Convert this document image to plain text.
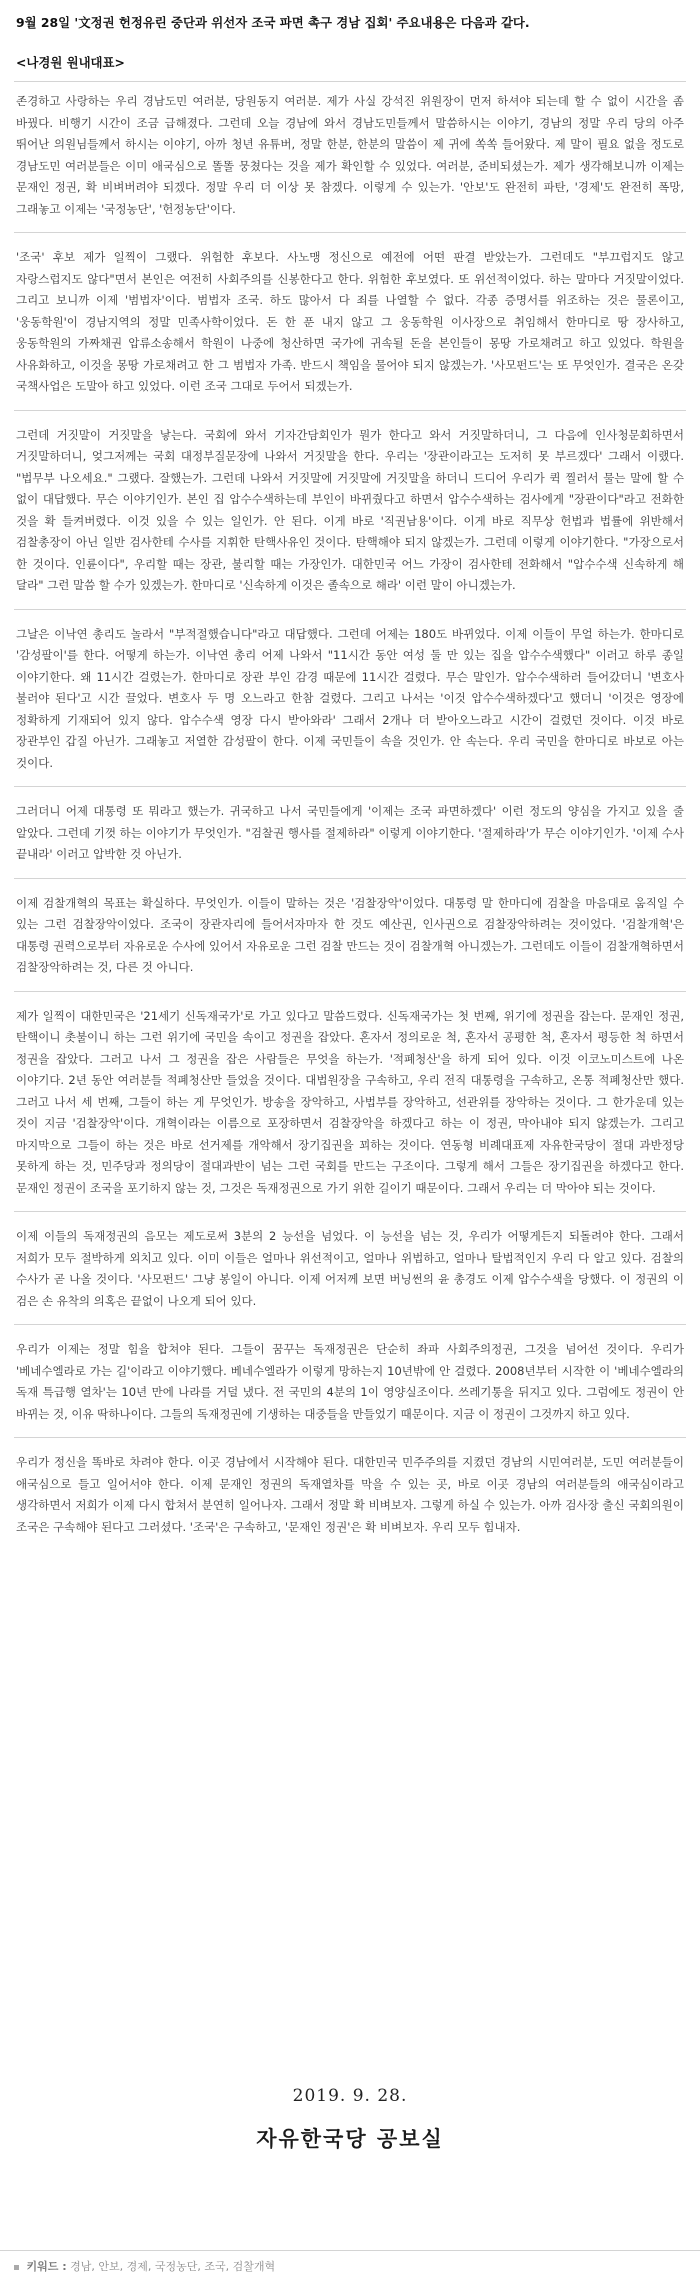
9월 28일 '文정권 헌정유린 중단과 위선자 조국 파면 촉구 경남 집회' 주요내용은 다음과 같다.
<나경원 원내대표>

존경하고 사랑하는 우리 경남도민 여러분, 당원동지 여러분. 제가 사실 강석진 위원장이 먼저 하셔야 되는데 할 수 없이 시간을 좀 바꿨다. 비행기 시간이 조금 급해졌다. 그런데 오늘 경남에 와서 경남도민들께서 말씀하시는 이야기, 경남의 정말 우리 당의 아주 뛰어난 의원님들께서 하시는 이야기, 아까 청년 유튜버, 정말 한분, 한분의 말씀이 제 귀에 쏙쏙 들어왔다. 제 말이 필요 없을 정도로 경남도민 여러분들은 이미 애국심으로 똘똘 뭉쳤다는 것을 제가 확인할 수 있었다. 여러분, 준비되셨는가. 제가 생각해보니까 이제는 문재인 정권, 확 비벼버려야 되겠다. 정말 우리 더 이상 못 참겠다. 이렇게 수 있는가. '안보'도 완전히 파탄, '경제'도 완전히 폭망, 그래놓고 이제는 '국정농단', '헌정농단'이다.

'조국' 후보 제가 일찍이 그랬다. 위험한 후보다. 사노맹 정신으로 예전에 어떤 판결 받았는가. 그런데도 "부끄럽지도 않고 자랑스럽지도 않다"면서 본인은 여전히 사회주의를 신봉한다고 한다. 위험한 후보였다. 또 위선적이었다. 하는 말마다 거짓말이었다. 그리고 보니까 이제 '범법자'이다. 범법자 조국. 하도 많아서 다 죄를 나열할 수 없다. 각종 증명서를 위조하는 것은 물론이고, '웅동학원'이 경남지역의 정말 민족사학이었다. 돈 한 푼 내지 않고 그 웅동학원 이사장으로 취임해서 한마디로 땅 장사하고, 웅동학원의 가짜채권 압류소송해서 학원이 나중에 청산하면 국가에 귀속될 돈을 본인들이 몽땅 가로채려고 하고 있었다. 학원을 사유화하고, 이것을 몽땅 가로채려고 한 그 범법자 가족. 반드시 책임을 물어야 되지 않겠는가. '사모펀드'는 또 무엇인가. 결국은 온갖 국책사업은 도말아 하고 있었다. 이런 조국 그대로 두어서 되겠는가.

그런데 거짓말이 거짓말을 낳는다. 국회에 와서 기자간담회인가 뭔가 한다고 와서 거짓말하더니, 그 다음에 인사청문회하면서 거짓말하더니, 엊그저께는 국회 대정부질문장에 나와서 거짓말을 한다. 우리는 '장관이라고는 도저히 못 부르겠다' 그래서 이랬다. "법무부 나오세요." 그랬다. 잘했는가. 그런데 나와서 거짓말에 거짓말에 거짓말을 하더니 드디어 우리가 퀵 찔러서 물는 말에 할 수 없이 대답했다. 무슨 이야기인가. 본인 집 압수수색하는데 부인이 바뀌줬다고 하면서 압수수색하는 검사에게 "장관이다"라고 전화한 것을 확 들켜버렸다. 이것 있을 수 있는 일인가. 안 된다. 이게 바로 '직권남용'이다. 이게 바로 직무상 헌법과 법률에 위반해서 검찰총장이 아닌 일반 검사한테 수사를 지휘한 탄핵사유인 것이다. 탄핵해야 되지 않겠는가. 그런데 이렇게 이야기한다. "가장으로서 한 것이다. 인륜이다", 우리할 때는 장관, 불리할 때는 가장인가. 대한민국 어느 가장이 검사한테 전화해서 "압수수색 신속하게 해 달라" 그런 말씀 할 수가 있겠는가. 한마디로 '신속하게 이것은 졸속으로 해라' 이런 말이 아니겠는가.

그날은 이낙연 총리도 놀라서 "부적절했습니다"라고 대답했다. 그런데 어제는 180도 바뀌었다. 이제 이들이 무얼 하는가. 한마디로 '감성팔이'를 한다. 어떻게 하는가. 이낙연 총리 어제 나와서 "11시간 동안 여성 둘 만 있는 집을 압수수색했다" 이러고 하루 종일 이야기한다. 왜 11시간 걸렸는가. 한마디로 장관 부인 감경 때문에 11시간 걸렸다. 무슨 말인가. 압수수색하러 들어갔더니 '변호사 불러야 된다'고 시간 끌었다. 변호사 두 명 오느라고 한참 걸렸다. 그리고 나서는 '이것 압수수색하겠다'고 했더니 '이것은 영장에 정확하게 기재되어 있지 않다. 압수수색 영장 다시 받아와라' 그래서 2개나 더 받아오느라고 시간이 걸렸던 것이다. 이것 바로 장관부인 갑질 아닌가. 그래놓고 저열한 감성팔이 한다. 이제 국민들이 속을 것인가. 안 속는다. 우리 국민을 한마디로 바보로 아는 것이다.

그러더니 어제 대통령 또 뭐라고 했는가. 귀국하고 나서 국민들에게 '이제는 조국 파면하겠다' 이런 정도의 양심을 가지고 있을 줄 알았다. 그런데 기껏 하는 이야기가 무엇인가. "검찰권 행사를 절제하라" 이렇게 이야기한다. '절제하라'가 무슨 이야기인가. '이제 수사 끝내라' 이러고 압박한 것 아닌가.

이제 검찰개혁의 목표는 확실하다. 무엇인가. 이들이 말하는 것은 '검찰장악'이었다. 대통령 말 한마디에 검찰을 마음대로 움직일 수 있는 그런 검찰장악이었다. 조국이 장관자리에 들어서자마자 한 것도 예산권, 인사권으로 검찰장악하려는 것이었다. '검찰개혁'은 대통령 권력으로부터 자유로운 수사에 있어서 자유로운 그런 검찰 만드는 것이 검찰개혁 아니겠는가. 그런데도 이들이 검찰개혁하면서 검찰장악하려는 것, 다른 것 아니다.

제가 일찍이 대한민국은 '21세기 신독재국가'로 가고 있다고 말씀드렸다. 신독재국가는 첫 번째, 위기에 정권을 잡는다. 문재인 정권, 탄핵이니 촛불이니 하는 그런 위기에 국민을 속이고 정권을 잡았다. 혼자서 정의로운 척, 혼자서 공평한 척, 혼자서 평등한 척 하면서 정권을 잡았다. 그러고 나서 그 정권을 잡은 사람들은 무엇을 하는가. '적폐청산'을 하게 되어 있다. 이것 이코노미스트에 나온 이야기다. 2년 동안 여러분들 적폐청산만 들었을 것이다. 대법원장을 구속하고, 우리 전직 대통령을 구속하고, 온통 적폐청산만 했다. 그러고 나서 세 번째, 그들이 하는 게 무엇인가. 방송을 장악하고, 사법부를 장악하고, 선관위를 장악하는 것이다. 그 한가운데 있는 것이 지금 '검찰장악'이다. 개혁이라는 이름으로 포장하면서 검찰장악을 하겠다고 하는 이 정권, 막아내야 되지 않겠는가. 그리고 마지막으로 그들이 하는 것은 바로 선거제를 개악해서 장기집권을 꾀하는 것이다. 연동형 비례대표제 자유한국당이 절대 과반정당 못하게 하는 것, 민주당과 정의당이 절대과반이 넘는 그런 국회를 만드는 구조이다. 그렇게 해서 그들은 장기집권을 하겠다고 한다. 문재인 정권이 조국을 포기하지 않는 것, 그것은 독재정권으로 가기 위한 길이기 때문이다. 그래서 우리는 더 막아야 되는 것이다.

이제 이들의 독재정권의 음모는 제도로써 3분의 2 능선을 넘었다. 이 능선을 넘는 것, 우리가 어떻게든지 되돌려야 한다. 그래서 저희가 모두 절박하게 외치고 있다. 이미 이들은 얼마나 위선적이고, 얼마나 위법하고, 얼마나 탈법적인지 우리 다 알고 있다. 검찰의 수사가 곧 나올 것이다. '사모펀드' 그냥 봉일이 아니다. 이제 어저께 보면 버닝썬의 윤 총경도 이제 압수수색을 당했다. 이 정권의 이 검은 손 유착의 의혹은 끝없이 나오게 되어 있다.

우리가 이제는 정말 힘을 합쳐야 된다. 그들이 꿈꾸는 독재정권은 단순히 좌파 사회주의정권, 그것을 넘어선 것이다. 우리가 '베네수엘라로 가는 길'이라고 이야기했다. 베네수엘라가 이렇게 망하는지 10년밖에 안 걸렸다. 2008년부터 시작한 이 '베네수엘라의 독재 특급행 열차'는 10년 만에 나라를 거덜 냈다. 전 국민의 4분의 1이 영양실조이다. 쓰레기통을 뒤지고 있다. 그럼에도 정권이 안 바뀌는 것, 이유 딱하나이다. 그들의 독재정권에 기생하는 대중들을 만들었기 때문이다. 지금 이 정권이 그것까지 하고 있다.

우리가 정신을 똑바로 차려야 한다. 이곳 경남에서 시작해야 된다. 대한민국 민주주의를 지켰던 경남의 시민여러분, 도민 여러분들이 애국심으로 들고 일어서야 한다. 이제 문재인 정권의 독재열차를 막을 수 있는 곳, 바로 이곳 경남의 여러분들의 애국심이라고 생각하면서 저희가 이제 다시 합쳐서 분연히 일어나자. 그래서 정말 확 비벼보자. 그렇게 하실 수 있는가. 아까 검사장 출신 국회의원이 조국은 구속해야 된다고 그러셨다. '조국'은 구속하고, '문재인 정권'은 확 비벼보자. 우리 모두 힘내자.

2019. 9. 28.
자유한국당 공보실
키워드 : 경남, 안보, 경제, 국정농단, 조국, 검찰개혁
